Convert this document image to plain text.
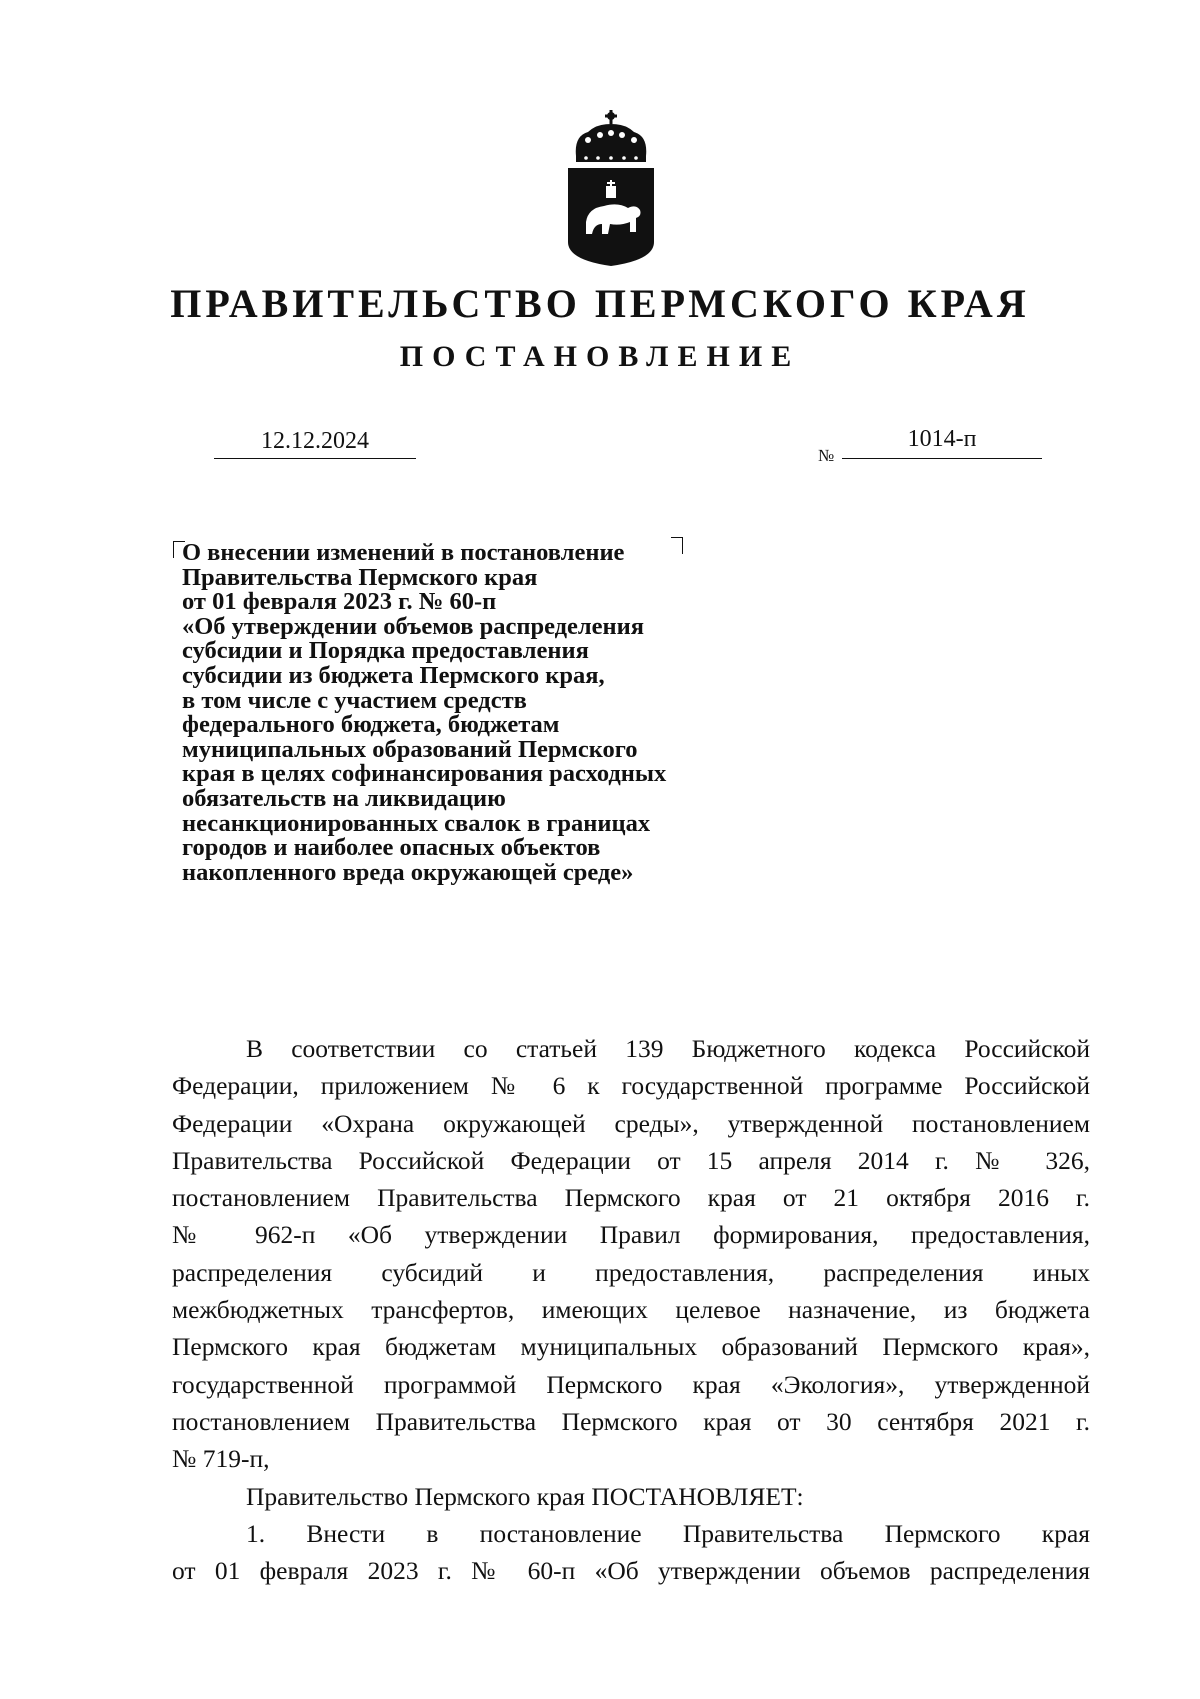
ПРАВИТЕЛЬСТВО ПЕРМСКОГО КРАЯ
ПОСТАНОВЛЕНИЕ
12.12.2024
№
1014-п

О внесении изменений в постановление
Правительства Пермского края
от 01 февраля 2023 г. № 60-п
«Об утверждении объемов распределения
субсидии и Порядка предоставления
субсидии из бюджета Пермского края,
в том числе с участием средств
федерального бюджета, бюджетам
муниципальных образований Пермского
края в целях софинансирования расходных
обязательств на ликвидацию
несанкционированных свалок в границах
городов и наиболее опасных объектов
накопленного вреда окружающей среде»

В соответствии со статьей 139 Бюджетного кодекса Российской
Федерации, приложением № 6 к государственной программе Российской
Федерации «Охрана окружающей среды», утвержденной постановлением
Правительства Российской Федерации от 15 апреля 2014 г. № 326,
постановлением Правительства Пермского края от 21 октября 2016 г.
№ 962-п «Об утверждении Правил формирования, предоставления,
распределения субсидий и предоставления, распределения иных
межбюджетных трансфертов, имеющих целевое назначение, из бюджета
Пермского края бюджетам муниципальных образований Пермского края»,
государственной программой Пермского края «Экология», утвержденной
постановлением Правительства Пермского края от 30 сентября 2021 г.
№ 719-п,
Правительство Пермского края ПОСТАНОВЛЯЕТ:
1. Внести в постановление Правительства Пермского края
от 01 февраля 2023 г. № 60-п «Об утверждении объемов распределения
